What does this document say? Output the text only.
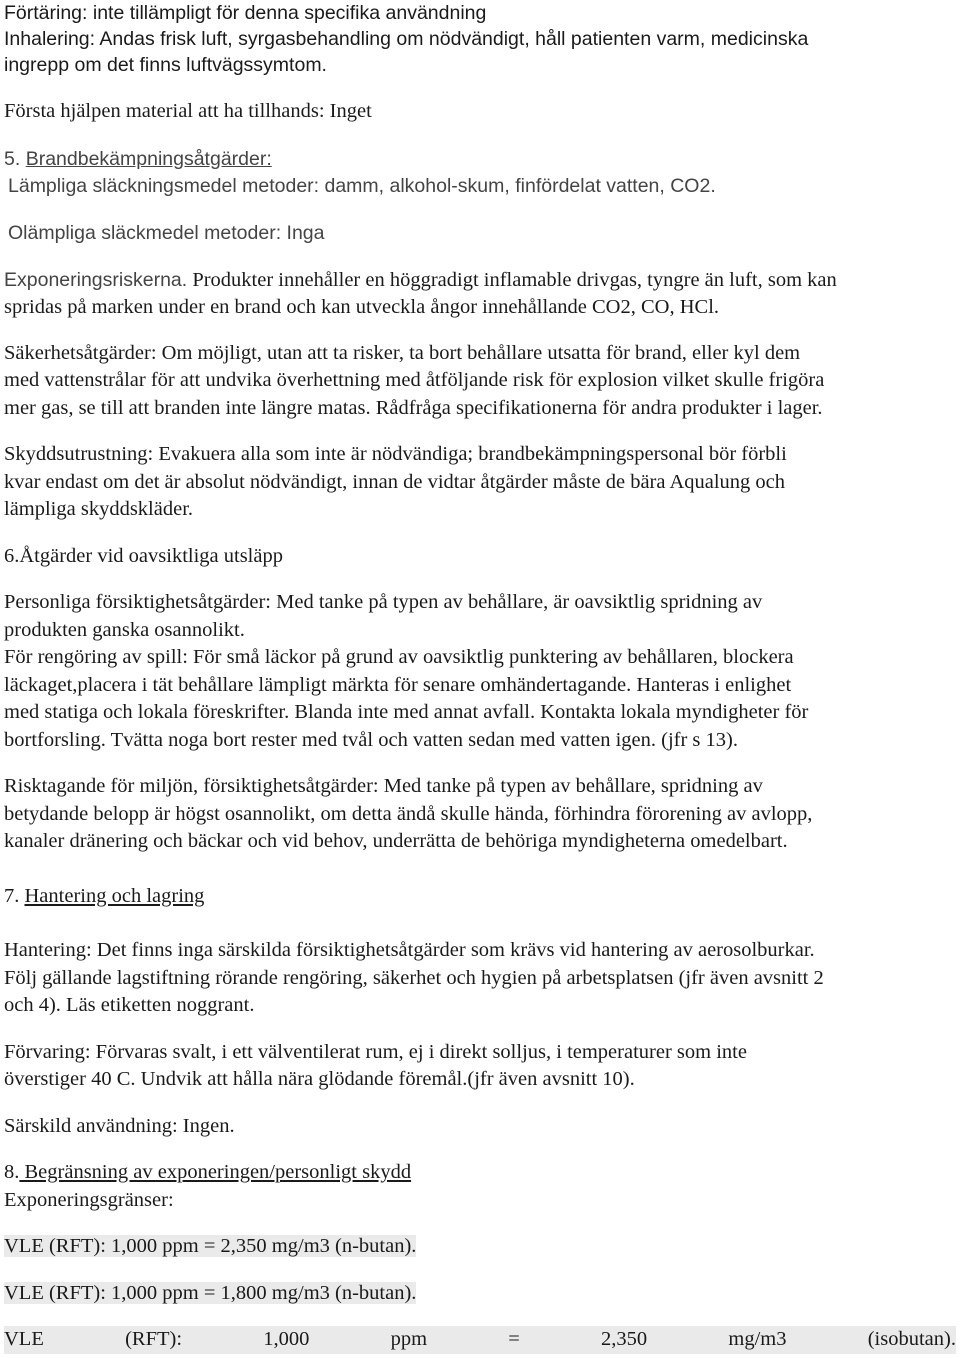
Förtäring: inte tillämpligt för denna specifika användning

Inhalering: Andas frisk luft, syrgasbehandling om nödvändigt, håll patienten varm, medicinska

ingrepp om det finns luftvägssymtom.

Första hjälpen material att ha tillhands: Inget

5. Brandbekämpningsåtgärder:

Lämpliga släckningsmedel metoder: damm, alkohol-skum, finfördelat vatten, CO2.

Olämpliga släckmedel metoder: Inga

Exponeringsriskerna. Produkter innehåller en höggradigt inflamable drivgas, tyngre än luft, som kan

spridas på marken under en brand och kan utveckla ångor innehållande CO2, CO, HCl.

Säkerhetsåtgärder: Om möjligt, utan att ta risker, ta bort behållare utsatta för brand, eller kyl dem

med vattenstrålar för att undvika överhettning med åtföljande risk för explosion vilket skulle frigöra

mer gas, se till att branden inte längre matas. Rådfråga specifikationerna för andra produkter i lager.

Skyddsutrustning: Evakuera alla som inte är nödvändiga; brandbekämpningspersonal bör förbli

kvar endast om det är absolut nödvändigt, innan de vidtar åtgärder måste de bära Aqualung och

lämpliga skyddskläder.

6.Åtgärder vid oavsiktliga utsläpp

Personliga försiktighetsåtgärder: Med tanke på typen av behållare, är oavsiktlig spridning av

produkten ganska osannolikt.

För rengöring av spill: För små läckor på grund av oavsiktlig punktering av behållaren, blockera

läckaget,placera i tät behållare lämpligt märkta för senare omhändertagande. Hanteras i enlighet

med statiga och lokala föreskrifter. Blanda inte med annat avfall. Kontakta lokala myndigheter för

bortforsling. Tvätta noga bort rester med tvål och vatten sedan med vatten igen. (jfr s 13).

Risktagande för miljön, försiktighetsåtgärder: Med tanke på typen av behållare, spridning av

betydande belopp är högst osannolikt, om detta ändå skulle hända, förhindra förorening av avlopp,

kanaler dränering och bäckar och vid behov, underrätta de behöriga myndigheterna omedelbart.

7. Hantering och lagring

Hantering: Det finns inga särskilda försiktighetsåtgärder som krävs vid hantering av aerosolburkar.

Följ gällande lagstiftning rörande rengöring, säkerhet och hygien på arbetsplatsen (jfr även avsnitt 2

och 4). Läs etiketten noggrant.

Förvaring: Förvaras svalt, i ett välventilerat rum, ej i direkt solljus, i temperaturer som inte

överstiger 40 C. Undvik att hålla nära glödande föremål.(jfr även avsnitt 10).

Särskild användning: Ingen.

8. Begränsning av exponeringen/personligt skydd

Exponeringsgränser:

VLE (RFT): 1,000 ppm = 2,350 mg/m3 (n-butan).

VLE (RFT): 1,000 ppm = 1,800 mg/m3 (n-butan).

VLE	(RFT):	1,000	ppm	=	2,350	mg/m3	(isobutan).
